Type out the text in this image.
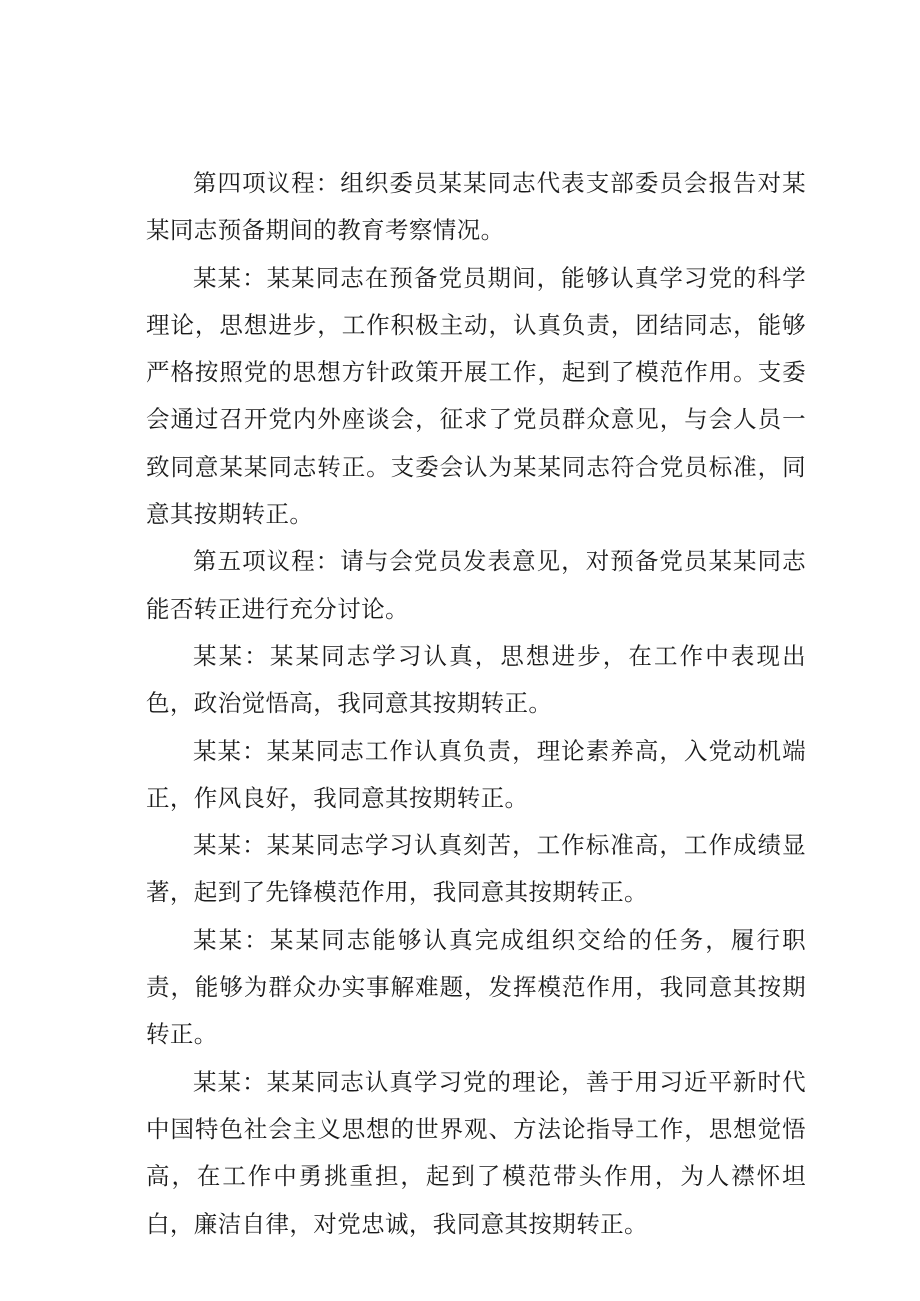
第四项议程：组织委员某某同志代表支部委员会报告对某某同志预备期间的教育考察情况。

某某：某某同志在预备党员期间，能够认真学习党的科学理论，思想进步，工作积极主动，认真负责，团结同志，能够严格按照党的思想方针政策开展工作，起到了模范作用。支委会通过召开党内外座谈会，征求了党员群众意见，与会人员一致同意某某同志转正。支委会认为某某同志符合党员标准，同意其按期转正。

第五项议程：请与会党员发表意见，对预备党员某某同志能否转正进行充分讨论。

某某：某某同志学习认真，思想进步，在工作中表现出色，政治觉悟高，我同意其按期转正。

某某：某某同志工作认真负责，理论素养高，入党动机端正，作风良好，我同意其按期转正。

某某：某某同志学习认真刻苦，工作标准高，工作成绩显著，起到了先锋模范作用，我同意其按期转正。

某某：某某同志能够认真完成组织交给的任务，履行职责，能够为群众办实事解难题，发挥模范作用，我同意其按期转正。

某某：某某同志认真学习党的理论，善于用习近平新时代中国特色社会主义思想的世界观、方法论指导工作，思想觉悟高，在工作中勇挑重担，起到了模范带头作用，为人襟怀坦白，廉洁自律，对党忠诚，我同意其按期转正。
